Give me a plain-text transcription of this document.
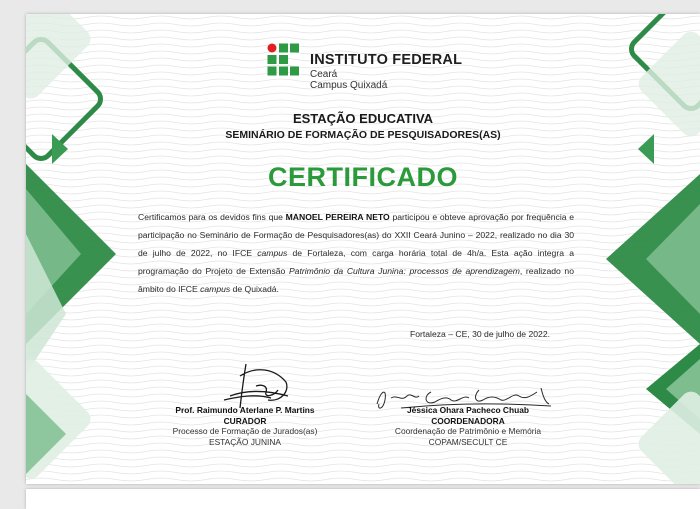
INSTITUTO FEDERAL
Ceará
Campus Quixadá
ESTAÇÃO EDUCATIVA
SEMINÁRIO DE FORMAÇÃO DE PESQUISADORES(AS)
CERTIFICADO
Certificamos para os devidos fins que MANOEL PEREIRA NETO participou e obteve aprovação por frequência e participação no Seminário de Formação de Pesquisadores(as) do XXII Ceará Junino – 2022, realizado no dia 30 de julho de 2022, no IFCE campus de Fortaleza, com carga horária total de 4h/a. Esta ação integra a programação do Projeto de Extensão Patrimônio da Cultura Junina: processos de aprendizagem, realizado no âmbito do IFCE campus de Quixadá.
Fortaleza – CE, 30 de julho de 2022.
Prof. Raimundo Aterlane P. Martins
CURADOR
Processo de Formação de Jurados(as)
ESTAÇÃO JUNINA
Jéssica Ohara Pacheco Chuab
COORDENADORA
Coordenação de Patrimônio e Memória
COPAM/SECULT CE
